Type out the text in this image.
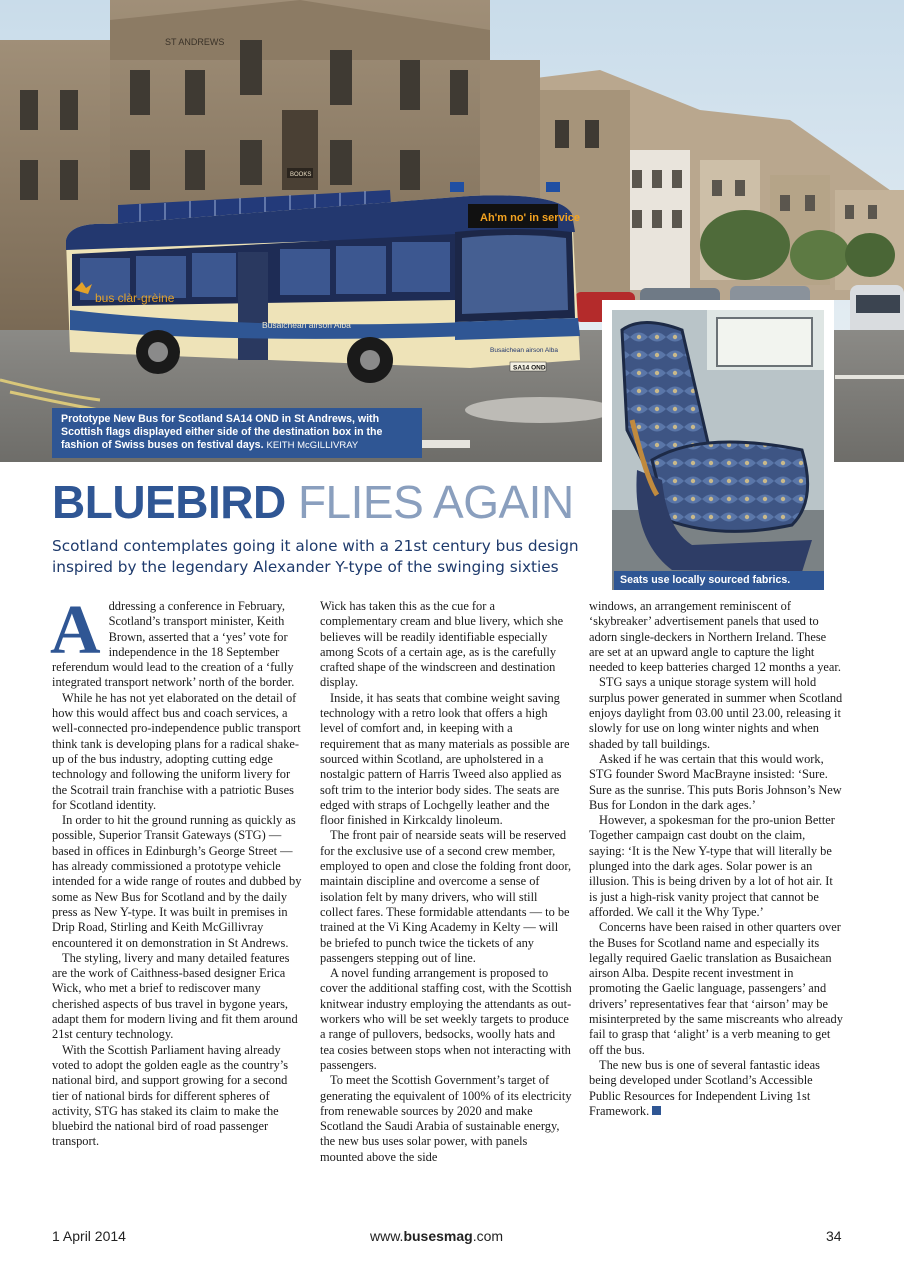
ST ANDREWS
BOOKS
Ah'm no' in service
bus clàr-grèine
Busaichean airson Alba
Busaichean airson Alba
SA14 OND
Prototype New Bus for Scotland SA14 OND in St Andrews, with Scottish flags displayed either side of the destination box in the fashion of Swiss buses on festival days. KEITH McGILLIVRAY
Seats use locally sourced fabrics.
BLUEBIRD FLIES AGAIN
Scotland contemplates going it alone with a 21st century bus design inspired by the legendary Alexander Y-type of the swinging sixties

Addressing a conference in February, Scotland’s transport minister, Keith Brown, asserted that a ‘yes’ vote for independence in the 18 September referendum would lead to the creation of a ‘fully integrated transport network’ north of the border.

While he has not yet elaborated on the detail of how this would affect bus and coach services, a well-connected pro-independence public transport think tank is developing plans for a radical shake-up of the bus industry, adopting cutting edge technology and following the uniform livery for the Scotrail train franchise with a patriotic Buses for Scotland identity.

In order to hit the ground running as quickly as possible, Superior Transit Gateways (STG) — based in offices in Edinburgh’s George Street — has already commissioned a prototype vehicle intended for a wide range of routes and dubbed by some as New Bus for Scotland and by the daily press as New Y-type. It was built in premises in Drip Road, Stirling and Keith McGillivray encountered it on demonstration in St Andrews.

The styling, livery and many detailed features are the work of Caithness-based designer Erica Wick, who met a brief to rediscover many cherished aspects of bus travel in bygone years, adapt them for modern living and fit them around 21st century technology.

With the Scottish Parliament having already voted to adopt the golden eagle as the country’s national bird, and support growing for a second tier of national birds for different spheres of activity, STG has staked its claim to make the bluebird the national bird of road passenger transport.

Wick has taken this as the cue for a complementary cream and blue livery, which she believes will be readily identifiable especially among Scots of a certain age, as is the carefully crafted shape of the windscreen and destination display.

Inside, it has seats that combine weight saving technology with a retro look that offers a high level of comfort and, in keeping with a requirement that as many materials as possible are sourced within Scotland, are upholstered in a nostalgic pattern of Harris Tweed also applied as soft trim to the interior body sides. The seats are edged with straps of Lochgelly leather and the floor finished in Kirkcaldy linoleum.

The front pair of nearside seats will be reserved for the exclusive use of a second crew member, employed to open and close the folding front door, maintain discipline and overcome a sense of isolation felt by many drivers, who will still collect fares. These formidable attendants — to be trained at the Vi King Academy in Kelty — will be briefed to punch twice the tickets of any passengers stepping out of line.

A novel funding arrangement is proposed to cover the additional staffing cost, with the Scottish knitwear industry employing the attendants as out-workers who will be set weekly targets to produce a range of pullovers, bedsocks, woolly hats and tea cosies between stops when not interacting with passengers.

To meet the Scottish Government’s target of generating the equivalent of 100% of its electricity from renewable sources by 2020 and make Scotland the Saudi Arabia of sustainable energy, the new bus uses solar power, with panels mounted above the side

windows, an arrangement reminiscent of ‘skybreaker’ advertisement panels that used to adorn single-deckers in Northern Ireland. These are set at an upward angle to capture the light needed to keep batteries charged 12 months a year.

STG says a unique storage system will hold surplus power generated in summer when Scotland enjoys daylight from 03.00 until 23.00, releasing it slowly for use on long winter nights and when shaded by tall buildings.

Asked if he was certain that this would work, STG founder Sword MacBrayne insisted: ‘Sure. Sure as the sunrise. This puts Boris Johnson’s New Bus for London in the dark ages.’

However, a spokesman for the pro-union Better Together campaign cast doubt on the claim, saying: ‘It is the New Y-type that will literally be plunged into the dark ages. Solar power is an illusion. This is being driven by a lot of hot air. It is just a high-risk vanity project that cannot be afforded. We call it the Why Type.’

Concerns have been raised in other quarters over the Buses for Scotland name and especially its legally required Gaelic translation as Busaichean airson Alba. Despite recent investment in promoting the Gaelic language, passengers’ and drivers’ representatives fear that ‘airson’ may be misinterpreted by the same miscreants who already fail to grasp that ‘alight’ is a verb meaning to get off the bus.

The new bus is one of several fantastic ideas being developed under Scotland’s Accessible Public Resources for Independent Living 1st Framework.

1 April 2014	www.busesmag.com	34
